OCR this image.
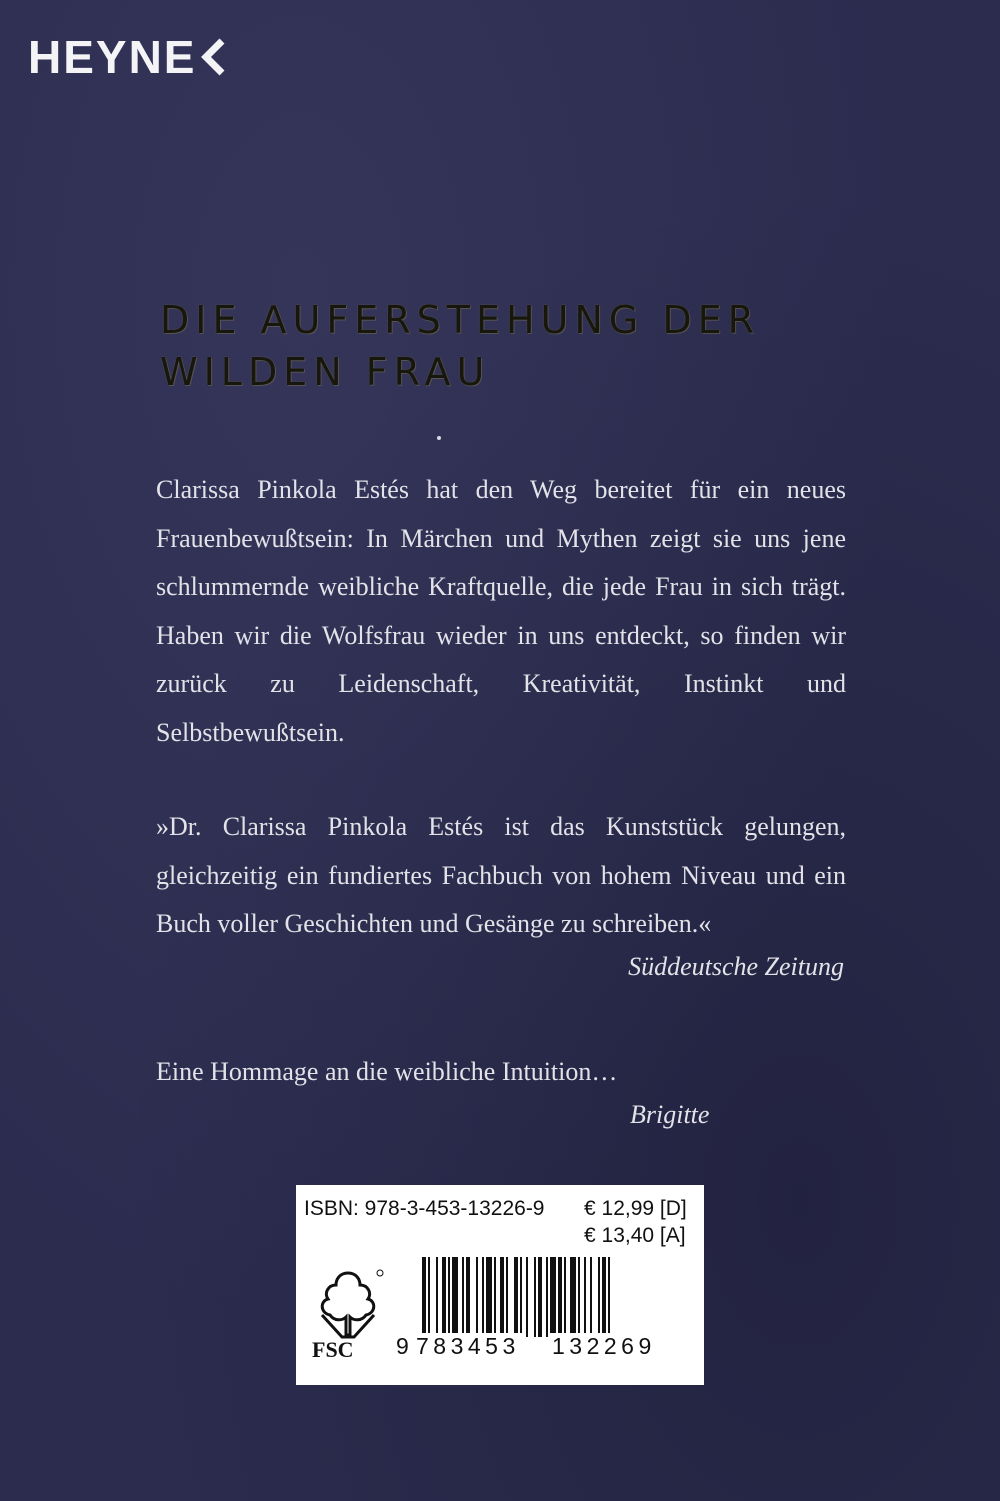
HEYNE
DIE AUFERSTEHUNG DER
WILDEN FRAU
Clarissa Pinkola Estés hat den Weg bereitet für ein neues Frauenbewußtsein: In Märchen und Mythen zeigt sie uns jene schlummernde weibliche Kraftquelle, die jede Frau in sich trägt. Haben wir die Wolfsfrau wieder in uns entdeckt, so finden wir zurück zu Leidenschaft, Kreativität, Instinkt und Selbstbewußtsein.
»Dr. Clarissa Pinkola Estés ist das Kunststück gelungen, gleichzeitig ein fundiertes Fachbuch von hohem Niveau und ein Buch voller Geschichten und Gesänge zu schreiben.«
Süddeutsche Zeitung
Eine Hommage an die weibliche Intuition…
Brigitte
ISBN: 978-3-453-13226-9 € 12,99 [D]
€ 13,40 [A]
FSC 9 783453 132269
